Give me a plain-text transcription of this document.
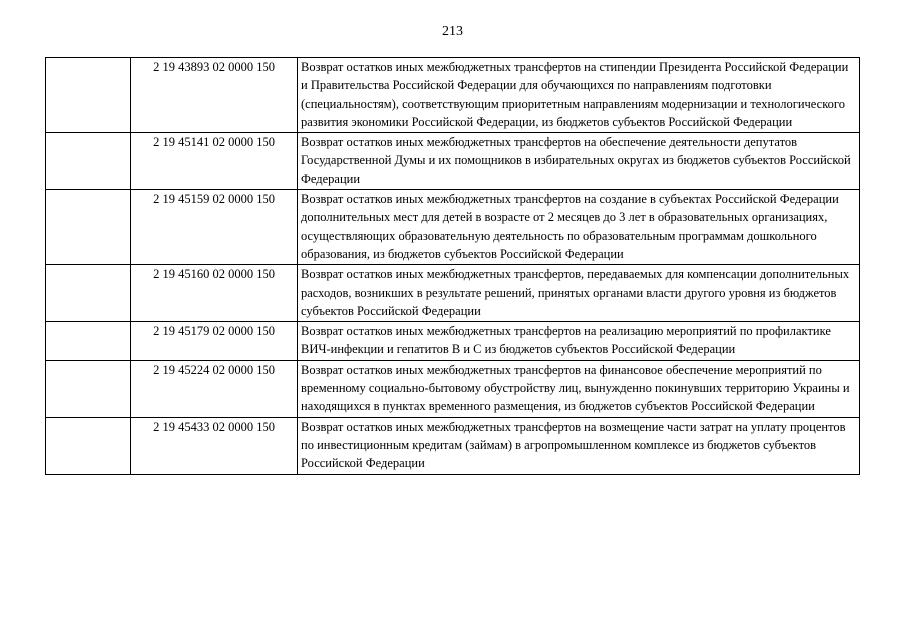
213
	2 19 43893 02 0000 150	Возврат остатков иных межбюджетных трансфертов на стипендии Президента Российской Федерации и Правительства Российской Федерации для обучающихся по направлениям подготовки (специальностям), соответствующим приоритетным направлениям модернизации и технологического развития экономики Российской Федерации, из бюджетов субъектов Российской Федерации
	2 19 45141 02 0000 150	Возврат остатков иных межбюджетных трансфертов на обеспечение деятельности депутатов Государственной Думы и их помощников в избирательных округах из бюджетов субъектов Российской Федерации
	2 19 45159 02 0000 150	Возврат остатков иных межбюджетных трансфертов на создание в субъектах Российской Федерации дополнительных мест для детей в возрасте от 2 месяцев до 3 лет в образовательных организациях, осуществляющих образовательную деятельность по образовательным программам дошкольного образования, из бюджетов субъектов Российской Федерации
	2 19 45160 02 0000 150	Возврат остатков иных межбюджетных трансфертов, передаваемых для компенсации дополнительных расходов, возникших в результате решений, принятых органами власти другого уровня из бюджетов субъектов Российской Федерации
	2 19 45179 02 0000 150	Возврат остатков иных межбюджетных трансфертов на реализацию мероприятий по профилактике ВИЧ-инфекции и гепатитов B и C из бюджетов субъектов Российской Федерации
	2 19 45224 02 0000 150	Возврат остатков иных межбюджетных трансфертов на финансовое обеспечение мероприятий по временному социально-бытовому обустройству лиц, вынужденно покинувших территорию Украины и находящихся в пунктах временного размещения, из бюджетов субъектов Российской Федерации
	2 19 45433 02 0000 150	Возврат остатков иных межбюджетных трансфертов на возмещение части затрат на уплату процентов по инвестиционным кредитам (займам) в агропромышленном комплексе из бюджетов субъектов Российской Федерации
